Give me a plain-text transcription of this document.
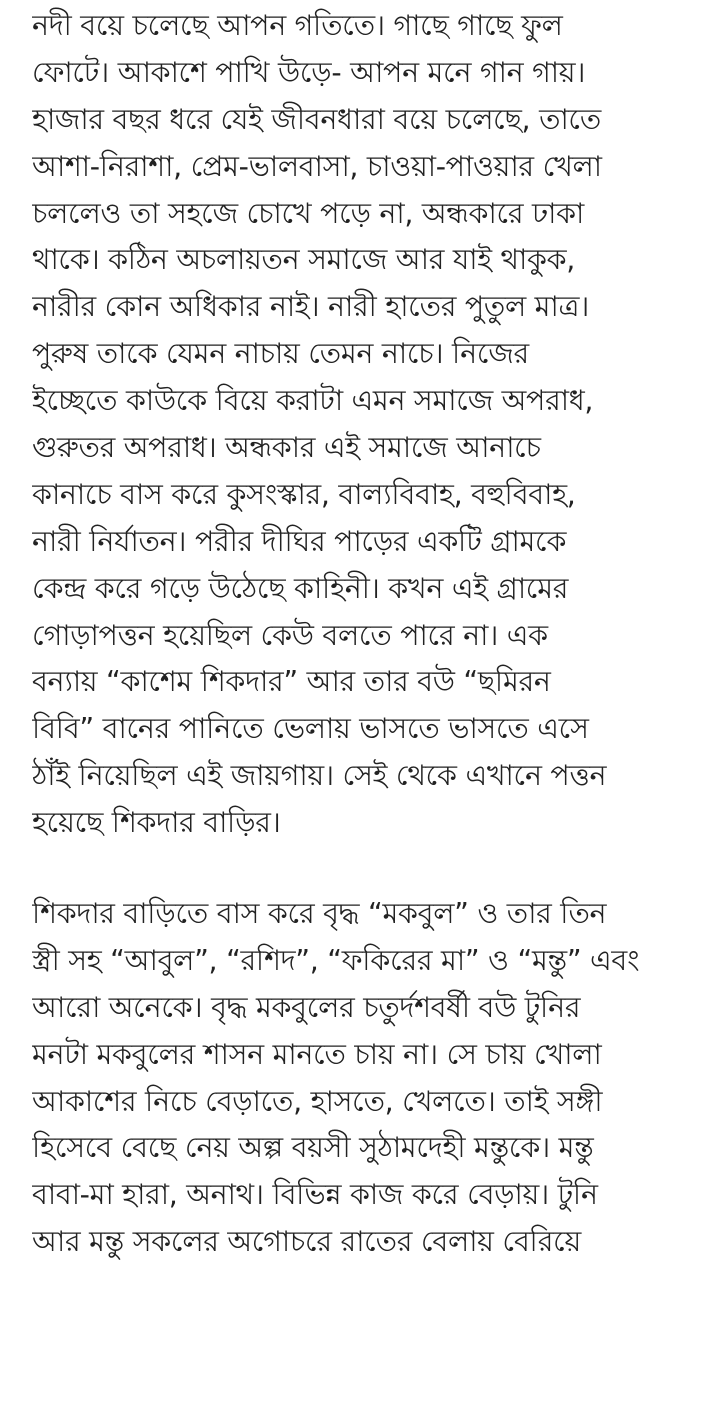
নদী বয়ে চলেছে আপন গতিতে। গাছে গাছে ফুল
ফোটে। আকাশে পাখি উড়ে- আপন মনে গান গায়।
হাজার বছর ধরে যেই জীবনধারা বয়ে চলেছে, তাতে
আশা-নিরাশা, প্রেম-ভালবাসা, চাওয়া-পাওয়ার খেলা
চললেও তা সহজে চোখে পড়ে না, অন্ধকারে ঢাকা
থাকে। কঠিন অচলায়তন সমাজে আর যাই থাকুক,
নারীর কোন অধিকার নাই। নারী হাতের পুতুল মাত্র।
পুরুষ তাকে যেমন নাচায় তেমন নাচে। নিজের
ইচ্ছেতে কাউকে বিয়ে করাটা এমন সমাজে অপরাধ,
গুরুতর অপরাধ। অন্ধকার এই সমাজে আনাচে
কানাচে বাস করে কুসংস্কার, বাল্যবিবাহ, বহুবিবাহ,
নারী নির্যাতন। পরীর দীঘির পাড়ের একটি গ্রামকে
কেন্দ্র করে গড়ে উঠেছে কাহিনী। কখন এই গ্রামের
গোড়াপত্তন হয়েছিল কেউ বলতে পারে না। এক
বন্যায় “কাশেম শিকদার” আর তার বউ “ছমিরন
বিবি” বানের পানিতে ভেলায় ভাসতে ভাসতে এসে
ঠাঁই নিয়েছিল এই জায়গায়। সেই থেকে এখানে পত্তন
হয়েছে শিকদার বাড়ির।
শিকদার বাড়িতে বাস করে বৃদ্ধ “মকবুল” ও তার তিন
স্ত্রী সহ “আবুল”, “রশিদ”, “ফকিরের মা” ও “মন্তু” এবং
আরো অনেকে। বৃদ্ধ মকবুলের চতুর্দশবর্ষী বউ টুনির
মনটা মকবুলের শাসন মানতে চায় না। সে চায় খোলা
আকাশের নিচে বেড়াতে, হাসতে, খেলতে। তাই সঙ্গী
হিসেবে বেছে নেয় অল্প বয়সী সুঠামদেহী মন্তুকে। মন্তু
বাবা-মা হারা, অনাথ। বিভিন্ন কাজ করে বেড়ায়। টুনি
আর মন্তু সকলের অগোচরে রাতের বেলায় বেরিয়ে
